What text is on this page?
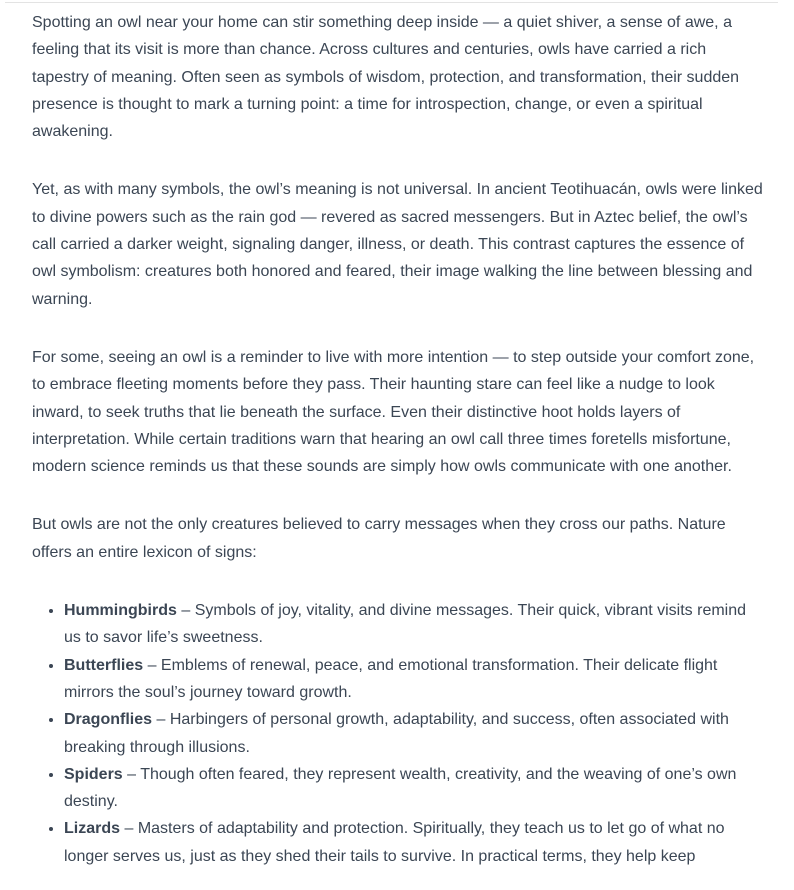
Spotting an owl near your home can stir something deep inside — a quiet shiver, a sense of awe, a feeling that its visit is more than chance. Across cultures and centuries, owls have carried a rich tapestry of meaning. Often seen as symbols of wisdom, protection, and transformation, their sudden presence is thought to mark a turning point: a time for introspection, change, or even a spiritual awakening.

Yet, as with many symbols, the owl’s meaning is not universal. In ancient Teotihuacán, owls were linked to divine powers such as the rain god — revered as sacred messengers. But in Aztec belief, the owl’s call carried a darker weight, signaling danger, illness, or death. This contrast captures the essence of owl symbolism: creatures both honored and feared, their image walking the line between blessing and warning.

For some, seeing an owl is a reminder to live with more intention — to step outside your comfort zone, to embrace fleeting moments before they pass. Their haunting stare can feel like a nudge to look inward, to seek truths that lie beneath the surface. Even their distinctive hoot holds layers of interpretation. While certain traditions warn that hearing an owl call three times foretells misfortune, modern science reminds us that these sounds are simply how owls communicate with one another.

But owls are not the only creatures believed to carry messages when they cross our paths. Nature offers an entire lexicon of signs:

• Hummingbirds – Symbols of joy, vitality, and divine messages. Their quick, vibrant visits remind us to savor life’s sweetness.
• Butterflies – Emblems of renewal, peace, and emotional transformation. Their delicate flight mirrors the soul’s journey toward growth.
• Dragonflies – Harbingers of personal growth, adaptability, and success, often associated with breaking through illusions.
• Spiders – Though often feared, they represent wealth, creativity, and the weaving of one’s own destiny.
• Lizards – Masters of adaptability and protection. Spiritually, they teach us to let go of what no longer serves us, just as they shed their tails to survive. In practical terms, they help keep
